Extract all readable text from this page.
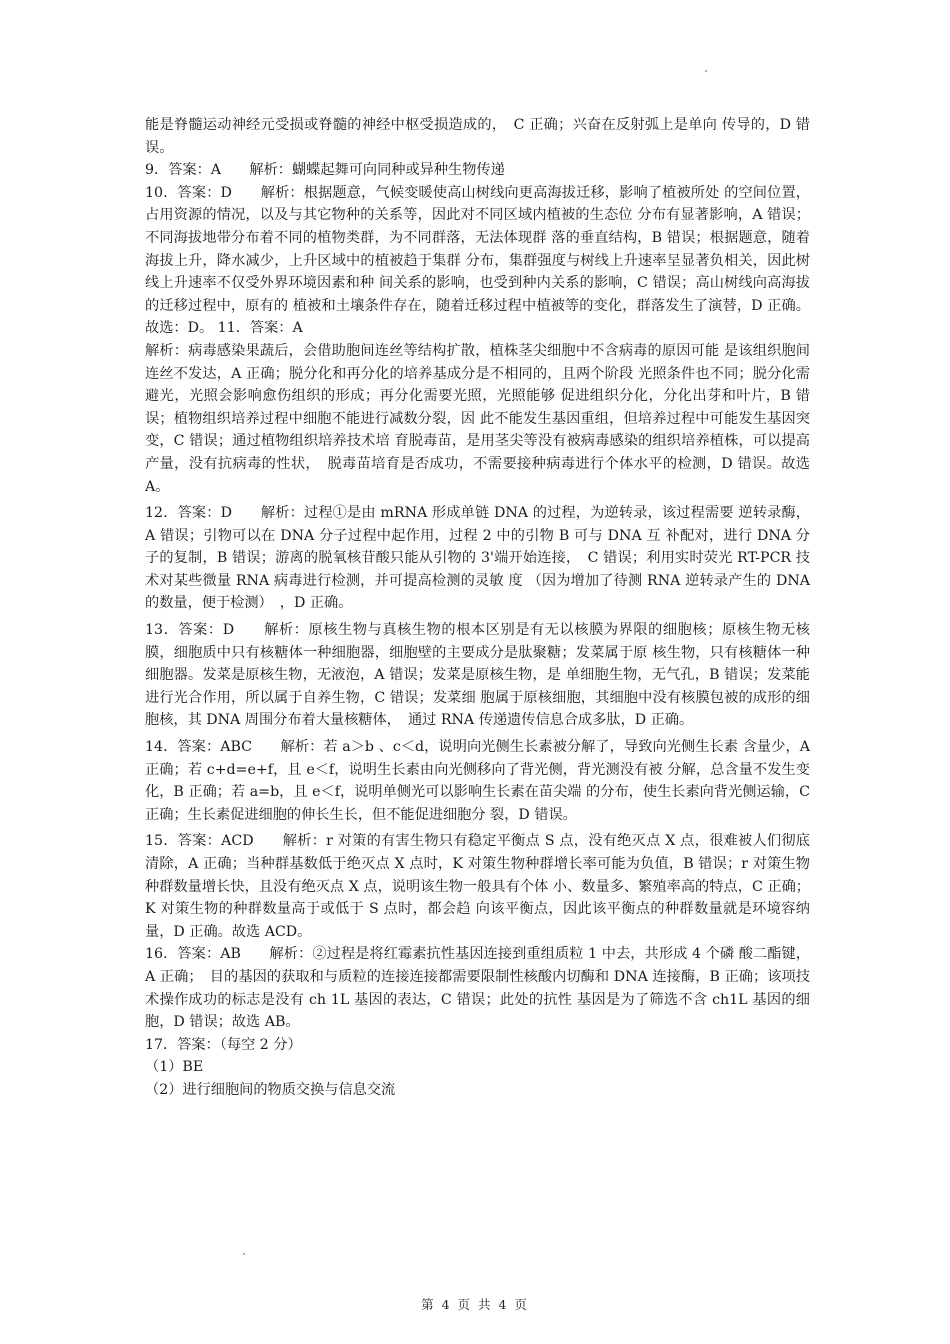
能是脊髓运动神经元受损或脊髓的神经中枢受损造成的，　C 正确；兴奋在反射弧上是单向 传导的，D 错误。

9．答案：A　　解析：蝴蝶起舞可向同种或异种生物传递

10．答案：D　　解析：根据题意，气候变暖使高山树线向更高海拔迁移，影响了植被所处 的空间位置，占用资源的情况，以及与其它物种的关系等，因此对不同区域内植被的生态位 分布有显著影响，A 错误；不同海拔地带分布着不同的植物类群，为不同群落，无法体现群 落的垂直结构，B 错误；根据题意，随着海拔上升，降水减少，上升区域中的植被趋于集群 分布，集群强度与树线上升速率呈显著负相关，因此树线上升速率不仅受外界环境因素和种 间关系的影响，也受到种内关系的影响，C 错误；高山树线向高海拔的迁移过程中，原有的 植被和土壤条件存在，随着迁移过程中植被等的变化，群落发生了演替，D 正确。故选：D。 11．答案：A

解析：病毒感染果蔬后，会借助胞间连丝等结构扩散，植株茎尖细胞中不含病毒的原因可能 是该组织胞间连丝不发达，A 正确；脱分化和再分化的培养基成分是不相同的，且两个阶段 光照条件也不同；脱分化需避光，光照会影响愈伤组织的形成；再分化需要光照，光照能够 促进组织分化，分化出芽和叶片，B 错误；植物组织培养过程中细胞不能进行减数分裂，因 此不能发生基因重组，但培养过程中可能发生基因突变，C 错误；通过植物组织培养技术培 育脱毒苗，是用茎尖等没有被病毒感染的组织培养植株，可以提高产量，没有抗病毒的性状，　脱毒苗培育是否成功，不需要接种病毒进行个体水平的检测，D 错误。故选 A。

12．答案：D　　解析：过程①是由 mRNA 形成单链 DNA 的过程，为逆转录，该过程需要 逆转录酶，A 错误；引物可以在 DNA 分子过程中起作用，过程 2 中的引物 B 可与 DNA 互 补配对，进行 DNA 分子的复制，B 错误；游离的脱氧核苷酸只能从引物的 3'端开始连接，　C 错误；利用实时荧光 RT-PCR 技术对某些微量 RNA 病毒进行检测，并可提高检测的灵敏 度 （因为增加了待测 RNA 逆转录产生的 DNA 的数量，便于检测）　，D 正确。

13．答案：D　　解析：原核生物与真核生物的根本区别是有无以核膜为界限的细胞核；原核生物无核膜，细胞质中只有核糖体一种细胞器，细胞壁的主要成分是肽聚糖；发菜属于原 核生物，只有核糖体一种细胞器。发菜是原核生物，无液泡，A 错误；发菜是原核生物，是 单细胞生物，无气孔，B 错误；发菜能进行光合作用，所以属于自养生物，C 错误；发菜细 胞属于原核细胞，其细胞中没有核膜包被的成形的细胞核，其 DNA 周围分布着大量核糖体，　通过 RNA 传递遗传信息合成多肽，D 正确。

14．答案：ABC　　解析：若 a＞b 、c＜d，说明向光侧生长素被分解了，导致向光侧生长素 含量少，A 正确；若 c+d=e+f，且 e＜f，说明生长素由向光侧移向了背光侧，背光测没有被 分解，总含量不发生变化，B 正确；若 a=b，且 e＜f，说明单侧光可以影响生长素在苗尖端 的分布，使生长素向背光侧运输，C 正确；生长素促进细胞的伸长生长，但不能促进细胞分 裂，D 错误。

15．答案：ACD　　解析：r 对策的有害生物只有稳定平衡点 S 点，没有绝灭点 X 点，很难被人们彻底清除，A 正确；当种群基数低于绝灭点 X 点时，K 对策生物种群增长率可能为负值，B 错误；r 对策生物种群数量增长快，且没有绝灭点 X 点，说明该生物一般具有个体 小、数量多、繁殖率高的特点，C 正确；K 对策生物的种群数量高于或低于 S 点时，都会趋 向该平衡点，因此该平衡点的种群数量就是环境容纳量，D 正确。故选 ACD。

16．答案：AB　　解析：②过程是将红霉素抗性基因连接到重组质粒 1 中去，共形成 4 个磷 酸二酯键，A 正确；　目的基因的获取和与质粒的连接连接都需要限制性核酸内切酶和 DNA 连接酶，B 正确；该项技术操作成功的标志是没有 ch 1L 基因的表达，C 错误；此处的抗性 基因是为了筛选不含 ch1L 基因的细胞，D 错误；故选 AB。

17．答案：（每空 2 分）

（1）BE

（2）进行细胞间的物质交换与信息交流

第 4 页 共 4 页
